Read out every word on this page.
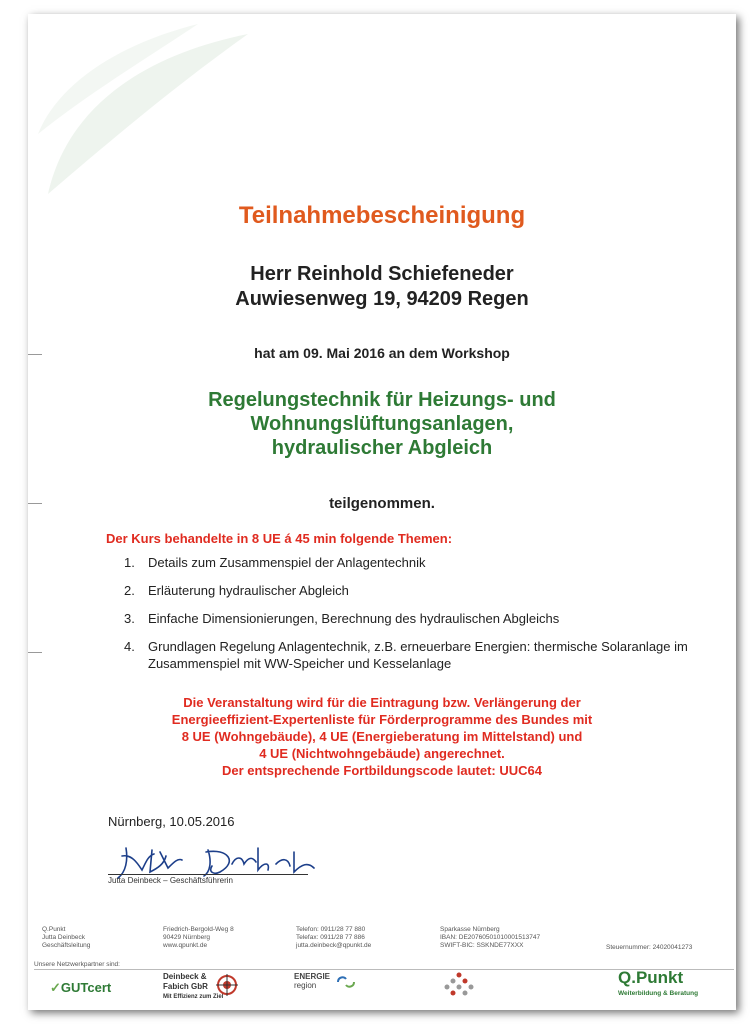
Teilnahmebescheinigung
Herr Reinhold Schiefeneder
Auwiesenweg 19, 94209 Regen
hat am 09. Mai 2016 an dem Workshop
Regelungstechnik für Heizungs- und
Wohnungslüftungsanlagen,
hydraulischer Abgleich
teilgenommen.
Der Kurs behandelte in 8 UE á 45 min folgende Themen:
1. Details zum Zusammenspiel der Anlagentechnik
2. Erläuterung hydraulischer Abgleich
3. Einfache Dimensionierungen, Berechnung des hydraulischen Abgleichs
4. Grundlagen Regelung Anlagentechnik, z.B. erneuerbare Energien: thermische Solaranlage im Zusammenspiel mit WW-Speicher und Kesselanlage
Die Veranstaltung wird für die Eintragung bzw. Verlängerung der
Energieeffizient-Expertenliste für Förderprogramme des Bundes mit
8 UE (Wohngebäude), 4 UE (Energieberatung im Mittelstand) und
4 UE (Nichtwohngebäude) angerechnet.
Der entsprechende Fortbildungscode lautet: UUC64
Nürnberg, 10.05.2016
Jutta Deinbeck – Geschäftsführerin
Q.Punkt
Jutta Deinbeck
Geschäftsleitung
Friedrich-Bergold-Weg 8
90429 Nürnberg
www.qpunkt.de
Telefon: 0911/28 77 880
Telefax: 0911/28 77 886
jutta.deinbeck@qpunkt.de
Sparkasse Nürnberg
IBAN: DE20760501010001513747
SWIFT-BIC: SSKNDE77XXX	Steuernummer: 24020041273
Unsere Netzwerkpartner sind:
✓GUTcert
Deinbeck &
Fabich GbR
Mit Effizienz zum Ziel
ENERGIE
region	Q.Punkt
Weiterbildung & Beratung
